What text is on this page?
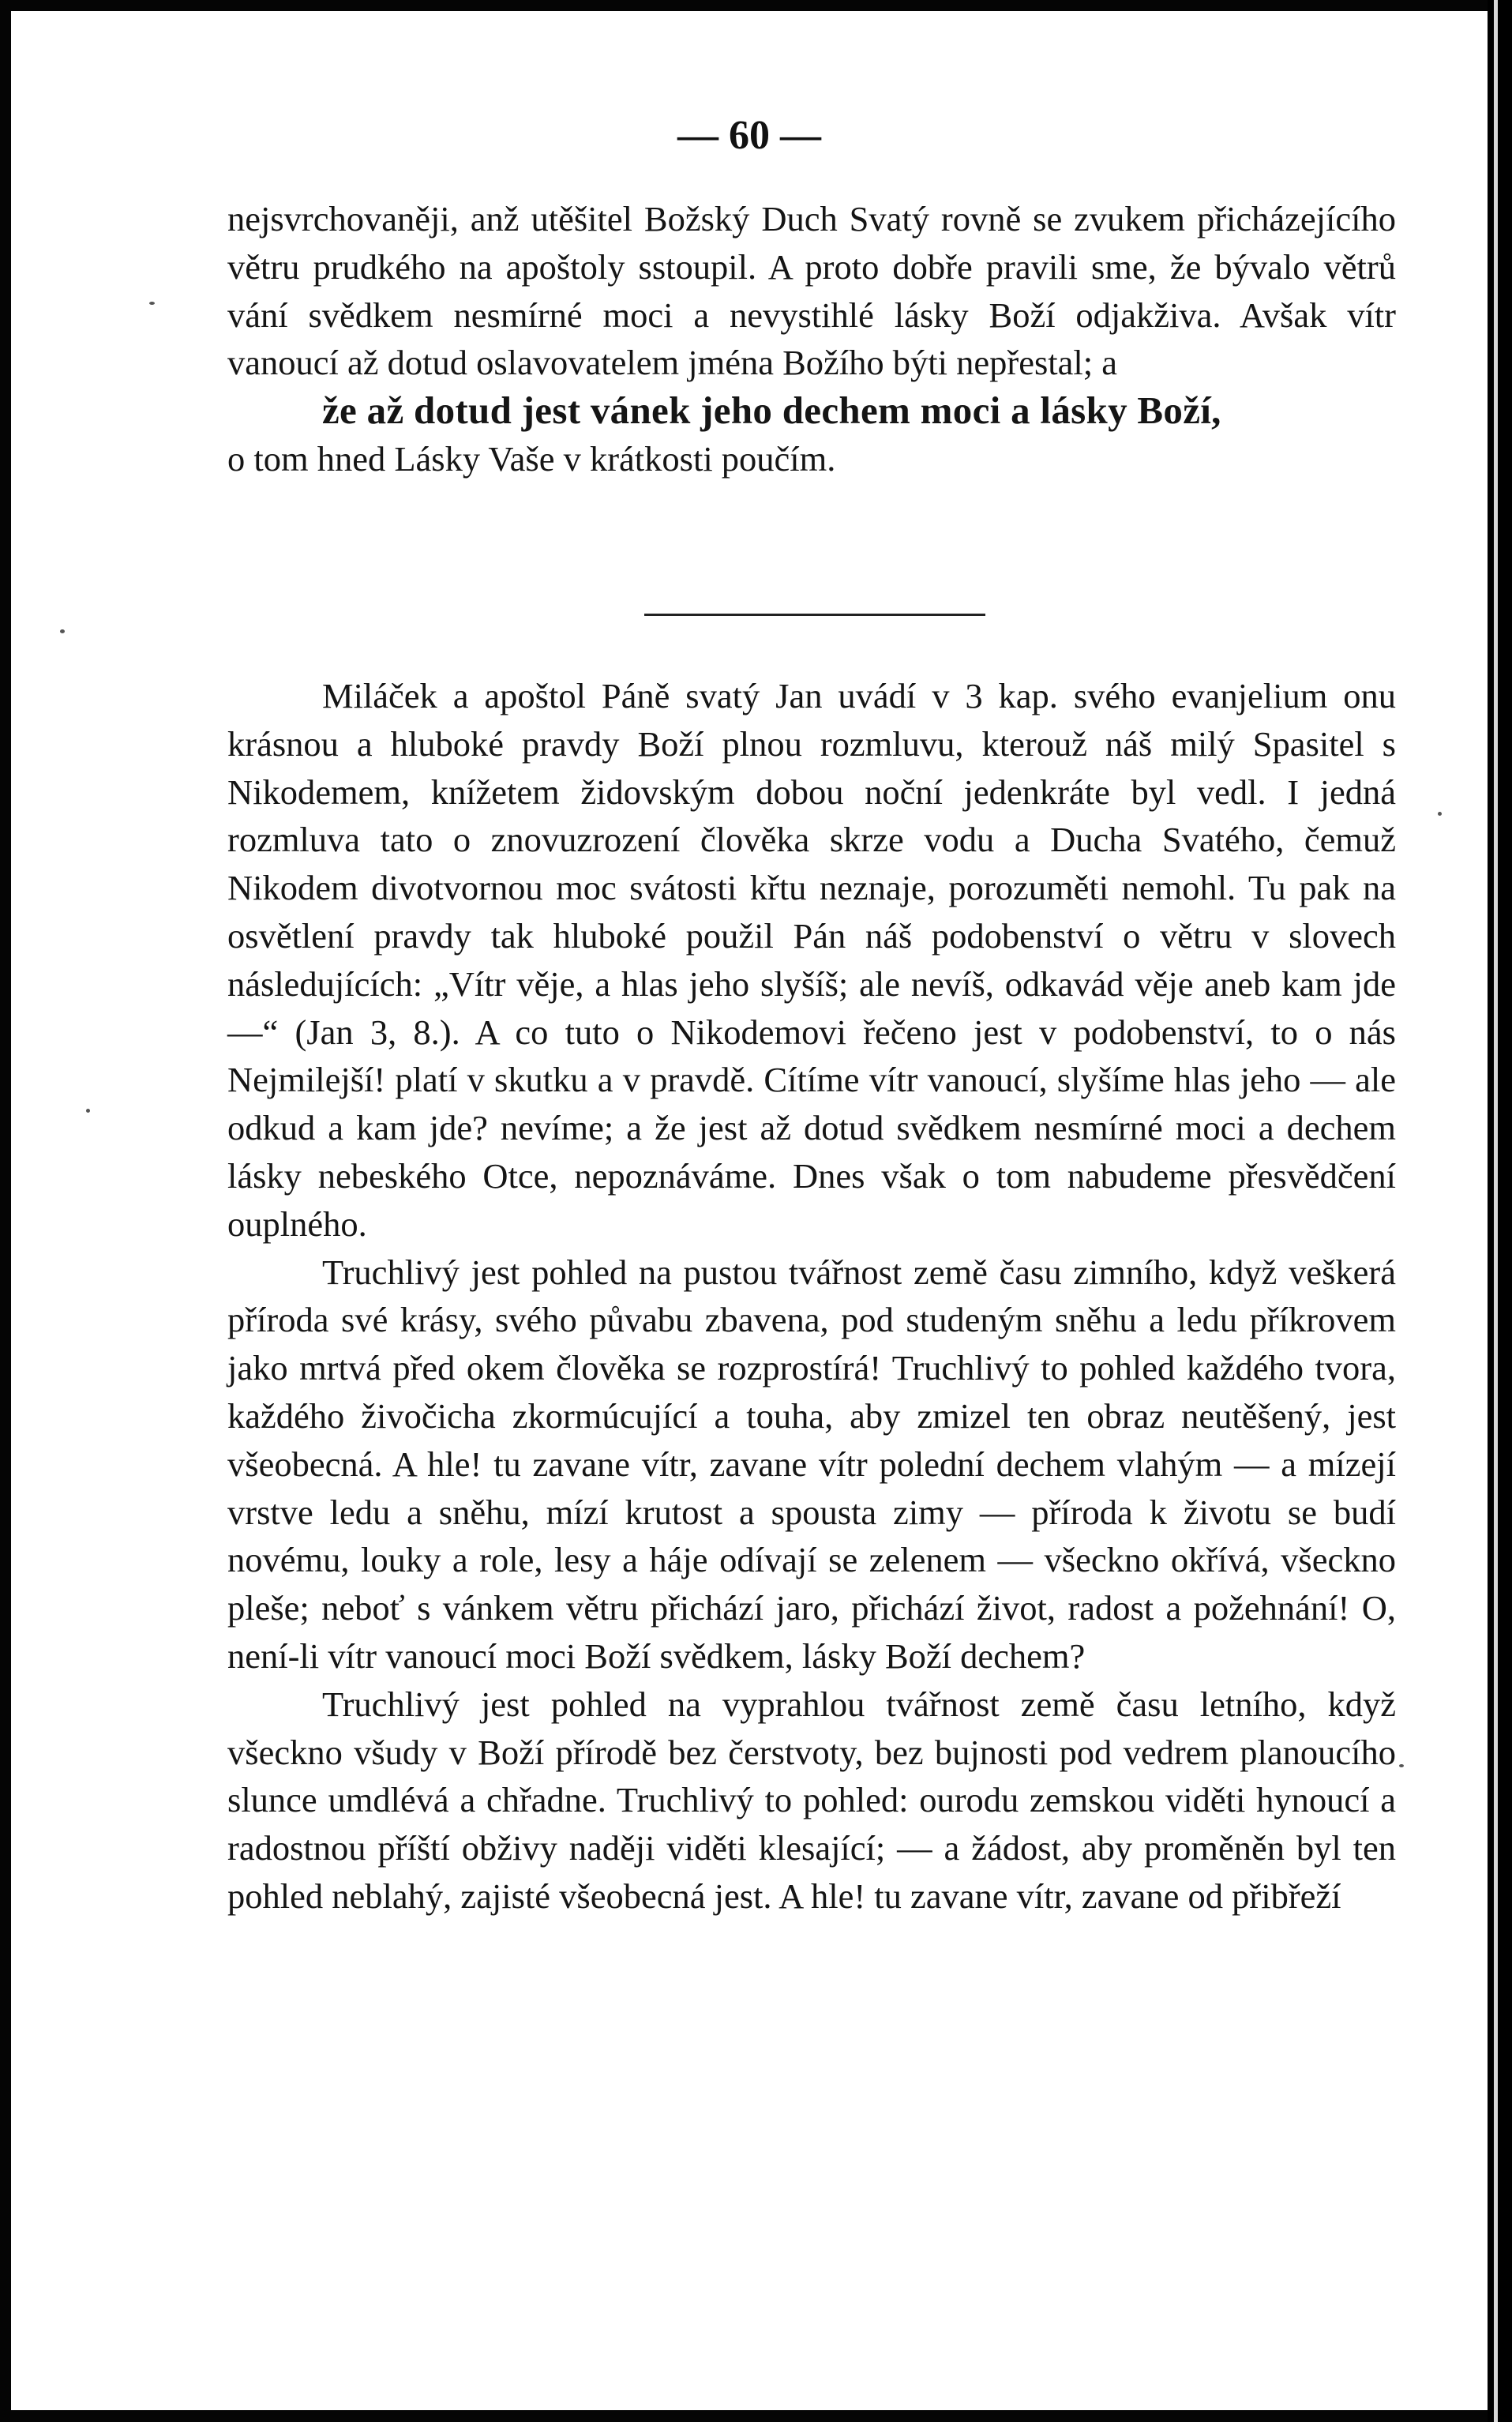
— 60 —

nejsvrchovaněji, anž utěšitel Božský Duch Svatý rovně se zvukem přicházejícího větru prudkého na apoštoly sstoupil. A proto dobře pravili sme, že bývalo větrů vání svědkem nesmírné moci a nevystihlé lásky Boží odjakživa. Avšak vítr vanoucí až dotud oslavovatelem jména Božího býti nepřestal; a
že až dotud jest vánek jeho dechem moci a lásky Boží,
o tom hned Lásky Vaše v krátkosti poučím.

Miláček a apoštol Páně svatý Jan uvádí v 3 kap. svého evanjelium onu krásnou a hluboké pravdy Boží plnou rozmluvu, kterouž náš milý Spasitel s Nikodemem, knížetem židovským dobou noční jedenkráte byl vedl. I jedná rozmluva tato o znovuzrození člověka skrze vodu a Ducha Svatého, čemuž Nikodem divotvornou moc svátosti křtu neznaje, porozuměti nemohl. Tu pak na osvětlení pravdy tak hluboké použil Pán náš podobenství o větru v slovech následujících: „Vítr věje, a hlas jeho slyšíš; ale nevíš, odkavád věje aneb kam jde —“ (Jan 3, 8.). A co tuto o Nikodemovi řečeno jest v podobenství, to o nás Nejmilejší! platí v skutku a v pravdě. Cítíme vítr vanoucí, slyšíme hlas jeho — ale odkud a kam jde? nevíme; a že jest až dotud svědkem nesmírné moci a dechem lásky nebeského Otce, nepoznáváme. Dnes však o tom nabudeme přesvědčení ouplného.

Truchlivý jest pohled na pustou tvářnost země času zimního, když veškerá příroda své krásy, svého půvabu zbavena, pod studeným sněhu a ledu příkrovem jako mrtvá před okem člověka se rozprostírá! Truchlivý to pohled každého tvora, každého živočicha zkormúcující a touha, aby zmizel ten obraz neutěšený, jest všeobecná. A hle! tu zavane vítr, zavane vítr polední dechem vlahým — a mízejí vrstve ledu a sněhu, mízí krutost a spousta zimy — příroda k životu se budí novému, louky a role, lesy a háje odívají se zelenem — všeckno okřívá, všeckno pleše; neboť s vánkem větru přichází jaro, přichází život, radost a požehnání! O, není-li vítr vanoucí moci Boží svědkem, lásky Boží dechem?

Truchlivý jest pohled na vyprahlou tvářnost země času letního, když všeckno všudy v Boží přírodě bez čerstvoty, bez bujnosti pod vedrem planoucího slunce umdlévá a chřadne. Truchlivý to pohled: ourodu zemskou viděti hynoucí a radostnou příští obživy naději viděti klesající; — a žádost, aby proměněn byl ten pohled neblahý, zajisté všeobecná jest. A hle! tu zavane vítr, zavane od přibřeží
